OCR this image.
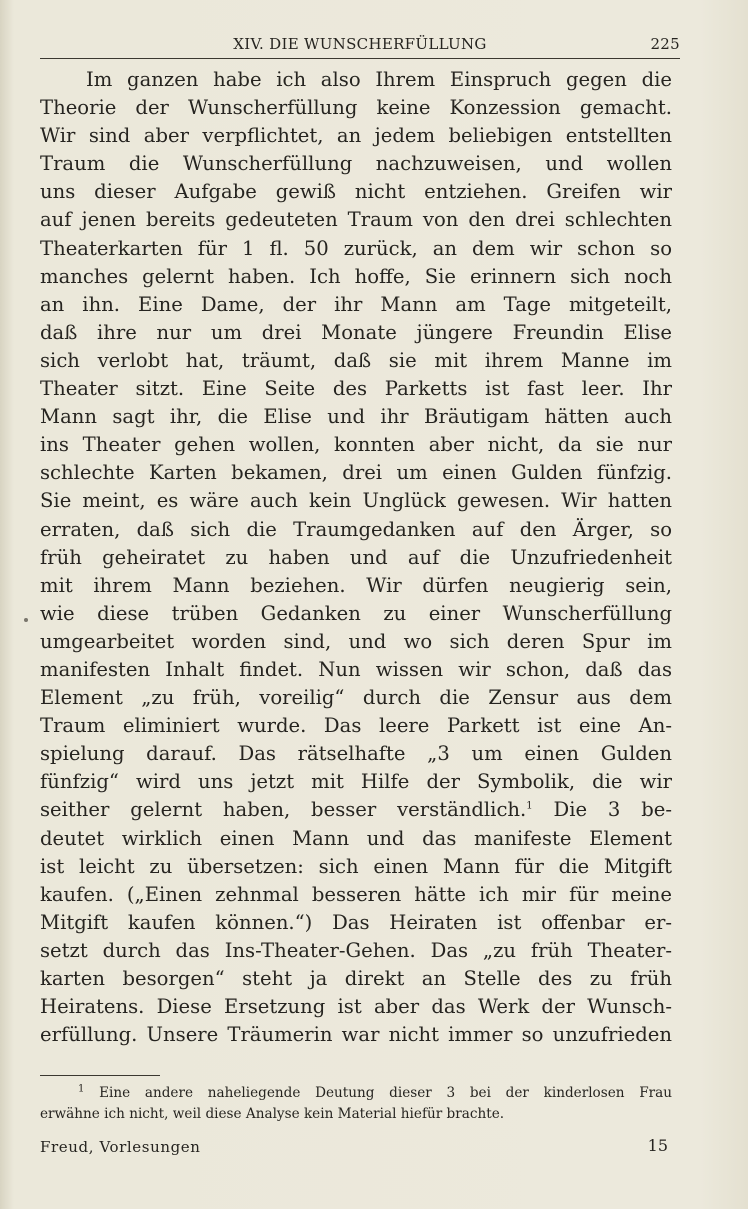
XIV. DIE WUNSCHERFÜLLUNG	225
Im ganzen habe ich also Ihrem Einspruch gegen die
Theorie der Wunscherfüllung keine Konzession gemacht.
Wir sind aber verpflichtet, an jedem beliebigen entstellten
Traum die Wunscherfüllung nachzuweisen, und wollen
uns dieser Aufgabe gewiß nicht entziehen. Greifen wir
auf jenen bereits gedeuteten Traum von den drei schlechten
Theaterkarten für 1 fl. 50 zurück, an dem wir schon so
manches gelernt haben. Ich hoffe, Sie erinnern sich noch
an ihn. Eine Dame, der ihr Mann am Tage mitgeteilt,
daß ihre nur um drei Monate jüngere Freundin Elise
sich verlobt hat, träumt, daß sie mit ihrem Manne im
Theater sitzt. Eine Seite des Parketts ist fast leer. Ihr
Mann sagt ihr, die Elise und ihr Bräutigam hätten auch
ins Theater gehen wollen, konnten aber nicht, da sie nur
schlechte Karten bekamen, drei um einen Gulden fünfzig.
Sie meint, es wäre auch kein Unglück gewesen. Wir hatten
erraten, daß sich die Traumgedanken auf den Ärger, so
früh geheiratet zu haben und auf die Unzufriedenheit
mit ihrem Mann beziehen. Wir dürfen neugierig sein,
wie diese trüben Gedanken zu einer Wunscherfüllung
umgearbeitet worden sind, und wo sich deren Spur im
manifesten Inhalt findet. Nun wissen wir schon, daß das
Element „zu früh, voreilig“ durch die Zensur aus dem
Traum eliminiert wurde. Das leere Parkett ist eine An-
spielung darauf. Das rätselhafte „3 um einen Gulden
fünfzig“ wird uns jetzt mit Hilfe der Symbolik, die wir
seither gelernt haben, besser verständlich.$^1$ Die 3 be-
deutet wirklich einen Mann und das manifeste Element
ist leicht zu übersetzen: sich einen Mann für die Mitgift
kaufen. („Einen zehnmal besseren hätte ich mir für meine
Mitgift kaufen können.“) Das Heiraten ist offenbar er-
setzt durch das Ins-Theater-Gehen. Das „zu früh Theater-
karten besorgen“ steht ja direkt an Stelle des zu früh
Heiratens. Diese Ersetzung ist aber das Werk der Wunsch-
erfüllung. Unsere Träumerin war nicht immer so unzufrieden
$^1$ Eine andere naheliegende Deutung dieser 3 bei der kinderlosen Frau
erwähne ich nicht, weil diese Analyse kein Material hiefür brachte.
Freud, Vorlesungen	15
